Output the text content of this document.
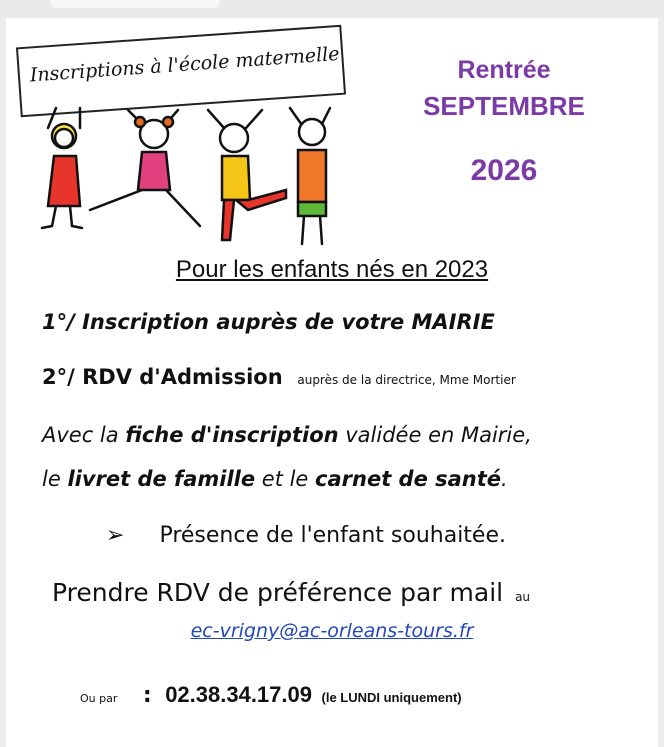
Inscriptions à l'école maternelle	Rentrée
SEPTEMBRE
2026
Pour les enfants nés en 2023
1°/ Inscription auprès de votre MAIRIE
2°/ RDV d'Admission auprès de la directrice, Mme Mortier
Avec la fiche d'inscription validée en Mairie,
le livret de famille et le carnet de santé.
➢ Présence de l'enfant souhaitée.
Prendre RDV de préférence par mail au
ec-vrigny@ac-orleans-tours.fr
Ou par : 02.38.34.17.09 (le LUNDI uniquement)
